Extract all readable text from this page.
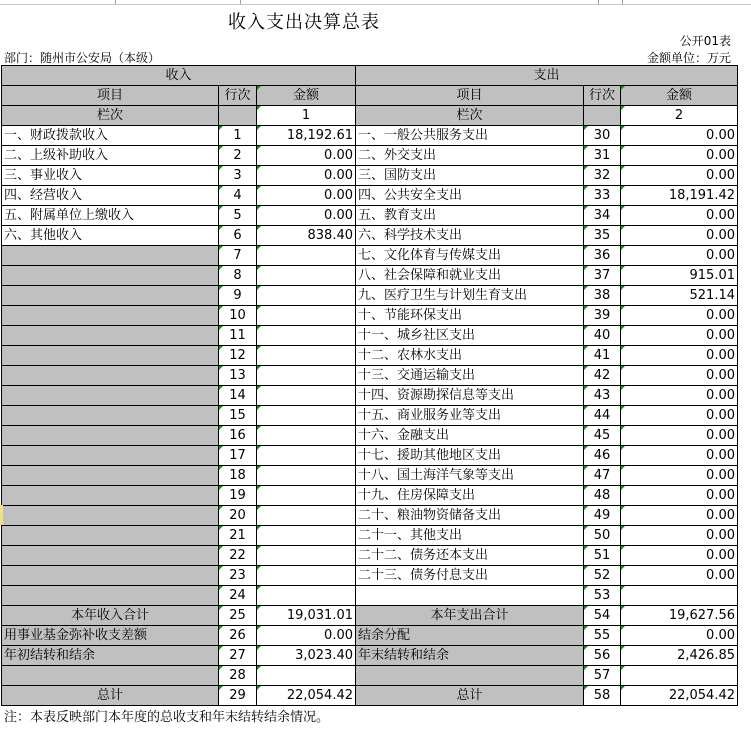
收入支出决算总表
公开01表
部门：随州市公安局（本级）	金额单位：万元
收入			支出		
项目	行次	金额	项目	行次	金额
栏次		1	栏次		2
一、财政拨款收入	1	18,192.61	一、一般公共服务支出	30	0.00
二、上级补助收入	2	0.00	二、外交支出	31	0.00
三、事业收入	3	0.00	三、国防支出	32	0.00
四、经营收入	4	0.00	四、公共安全支出	33	18,191.42
五、附属单位上缴收入	5	0.00	五、教育支出	34	0.00
六、其他收入	6	838.40	六、科学技术支出	35	0.00
	7		七、文化体育与传媒支出	36	0.00
	8		八、社会保障和就业支出	37	915.01
	9		九、医疗卫生与计划生育支出	38	521.14
	10		十、节能环保支出	39	0.00
	11		十一、城乡社区支出	40	0.00
	12		十二、农林水支出	41	0.00
	13		十三、交通运输支出	42	0.00
	14		十四、资源勘探信息等支出	43	0.00
	15		十五、商业服务业等支出	44	0.00
	16		十六、金融支出	45	0.00
	17		十七、援助其他地区支出	46	0.00
	18		十八、国土海洋气象等支出	47	0.00
	19		十九、住房保障支出	48	0.00
	20		二十、粮油物资储备支出	49	0.00
	21		二十一、其他支出	50	0.00
	22		二十二、债务还本支出	51	0.00
	23		二十三、债务付息支出	52	0.00
	24			53	
本年收入合计	25	19,031.01	本年支出合计	54	19,627.56
用事业基金弥补收支差额	26	0.00	结余分配	55	0.00
年初结转和结余	27	3,023.40	年末结转和结余	56	2,426.85
	28			57	
总计	29	22,054.42	总计	58	22,054.42
注：本表反映部门本年度的总收支和年末结转结余情况。
